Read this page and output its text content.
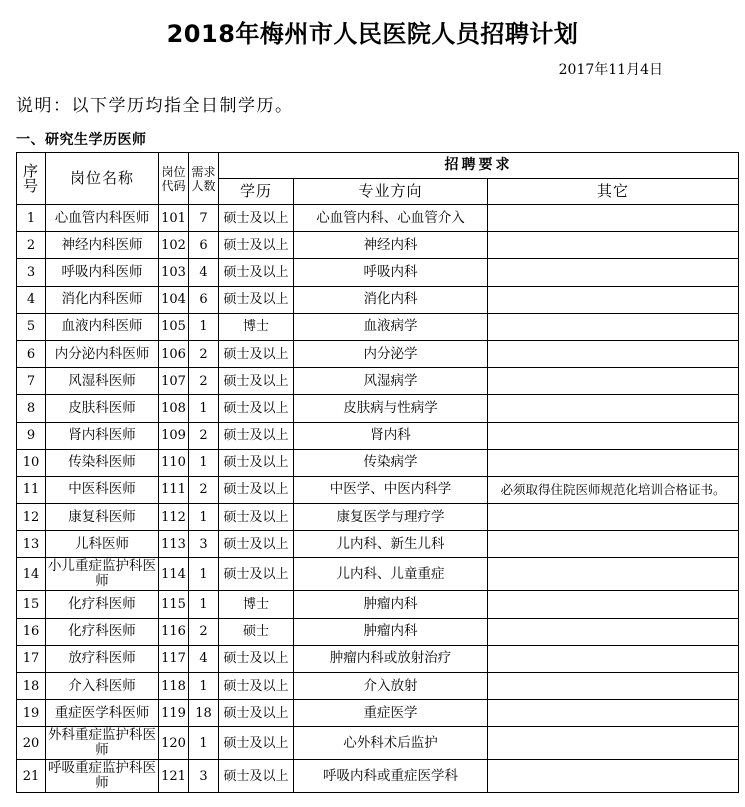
2018年梅州市人民医院人员招聘计划
2017年11月4日
说明：以下学历均指全日制学历。
一、研究生学历医师
序号	岗位名称	岗位代码	需求人数	招聘要求		
				学历	专业方向	其它
1	心血管内科医师	101	7	硕士及以上	心血管内科、心血管介入	
2	神经内科医师	102	6	硕士及以上	神经内科	
3	呼吸内科医师	103	4	硕士及以上	呼吸内科	
4	消化内科医师	104	6	硕士及以上	消化内科	
5	血液内科医师	105	1	博士	血液病学	
6	内分泌内科医师	106	2	硕士及以上	内分泌学	
7	风湿科医师	107	2	硕士及以上	风湿病学	
8	皮肤科医师	108	1	硕士及以上	皮肤病与性病学	
9	肾内科医师	109	2	硕士及以上	肾内科	
10	传染科医师	110	1	硕士及以上	传染病学	
11	中医科医师	111	2	硕士及以上	中医学、中医内科学	必须取得住院医师规范化培训合格证书。
12	康复科医师	112	1	硕士及以上	康复医学与理疗学	
13	儿科医师	113	3	硕士及以上	儿内科、新生儿科	
14	小儿重症监护科医师	114	1	硕士及以上	儿内科、儿童重症	
15	化疗科医师	115	1	博士	肿瘤内科	
16	化疗科医师	116	2	硕士	肿瘤内科	
17	放疗科医师	117	4	硕士及以上	肿瘤内科或放射治疗	
18	介入科医师	118	1	硕士及以上	介入放射	
19	重症医学科医师	119	18	硕士及以上	重症医学	
20	外科重症监护科医师	120	1	硕士及以上	心外科术后监护	
21	呼吸重症监护科医师	121	3	硕士及以上	呼吸内科或重症医学科	
